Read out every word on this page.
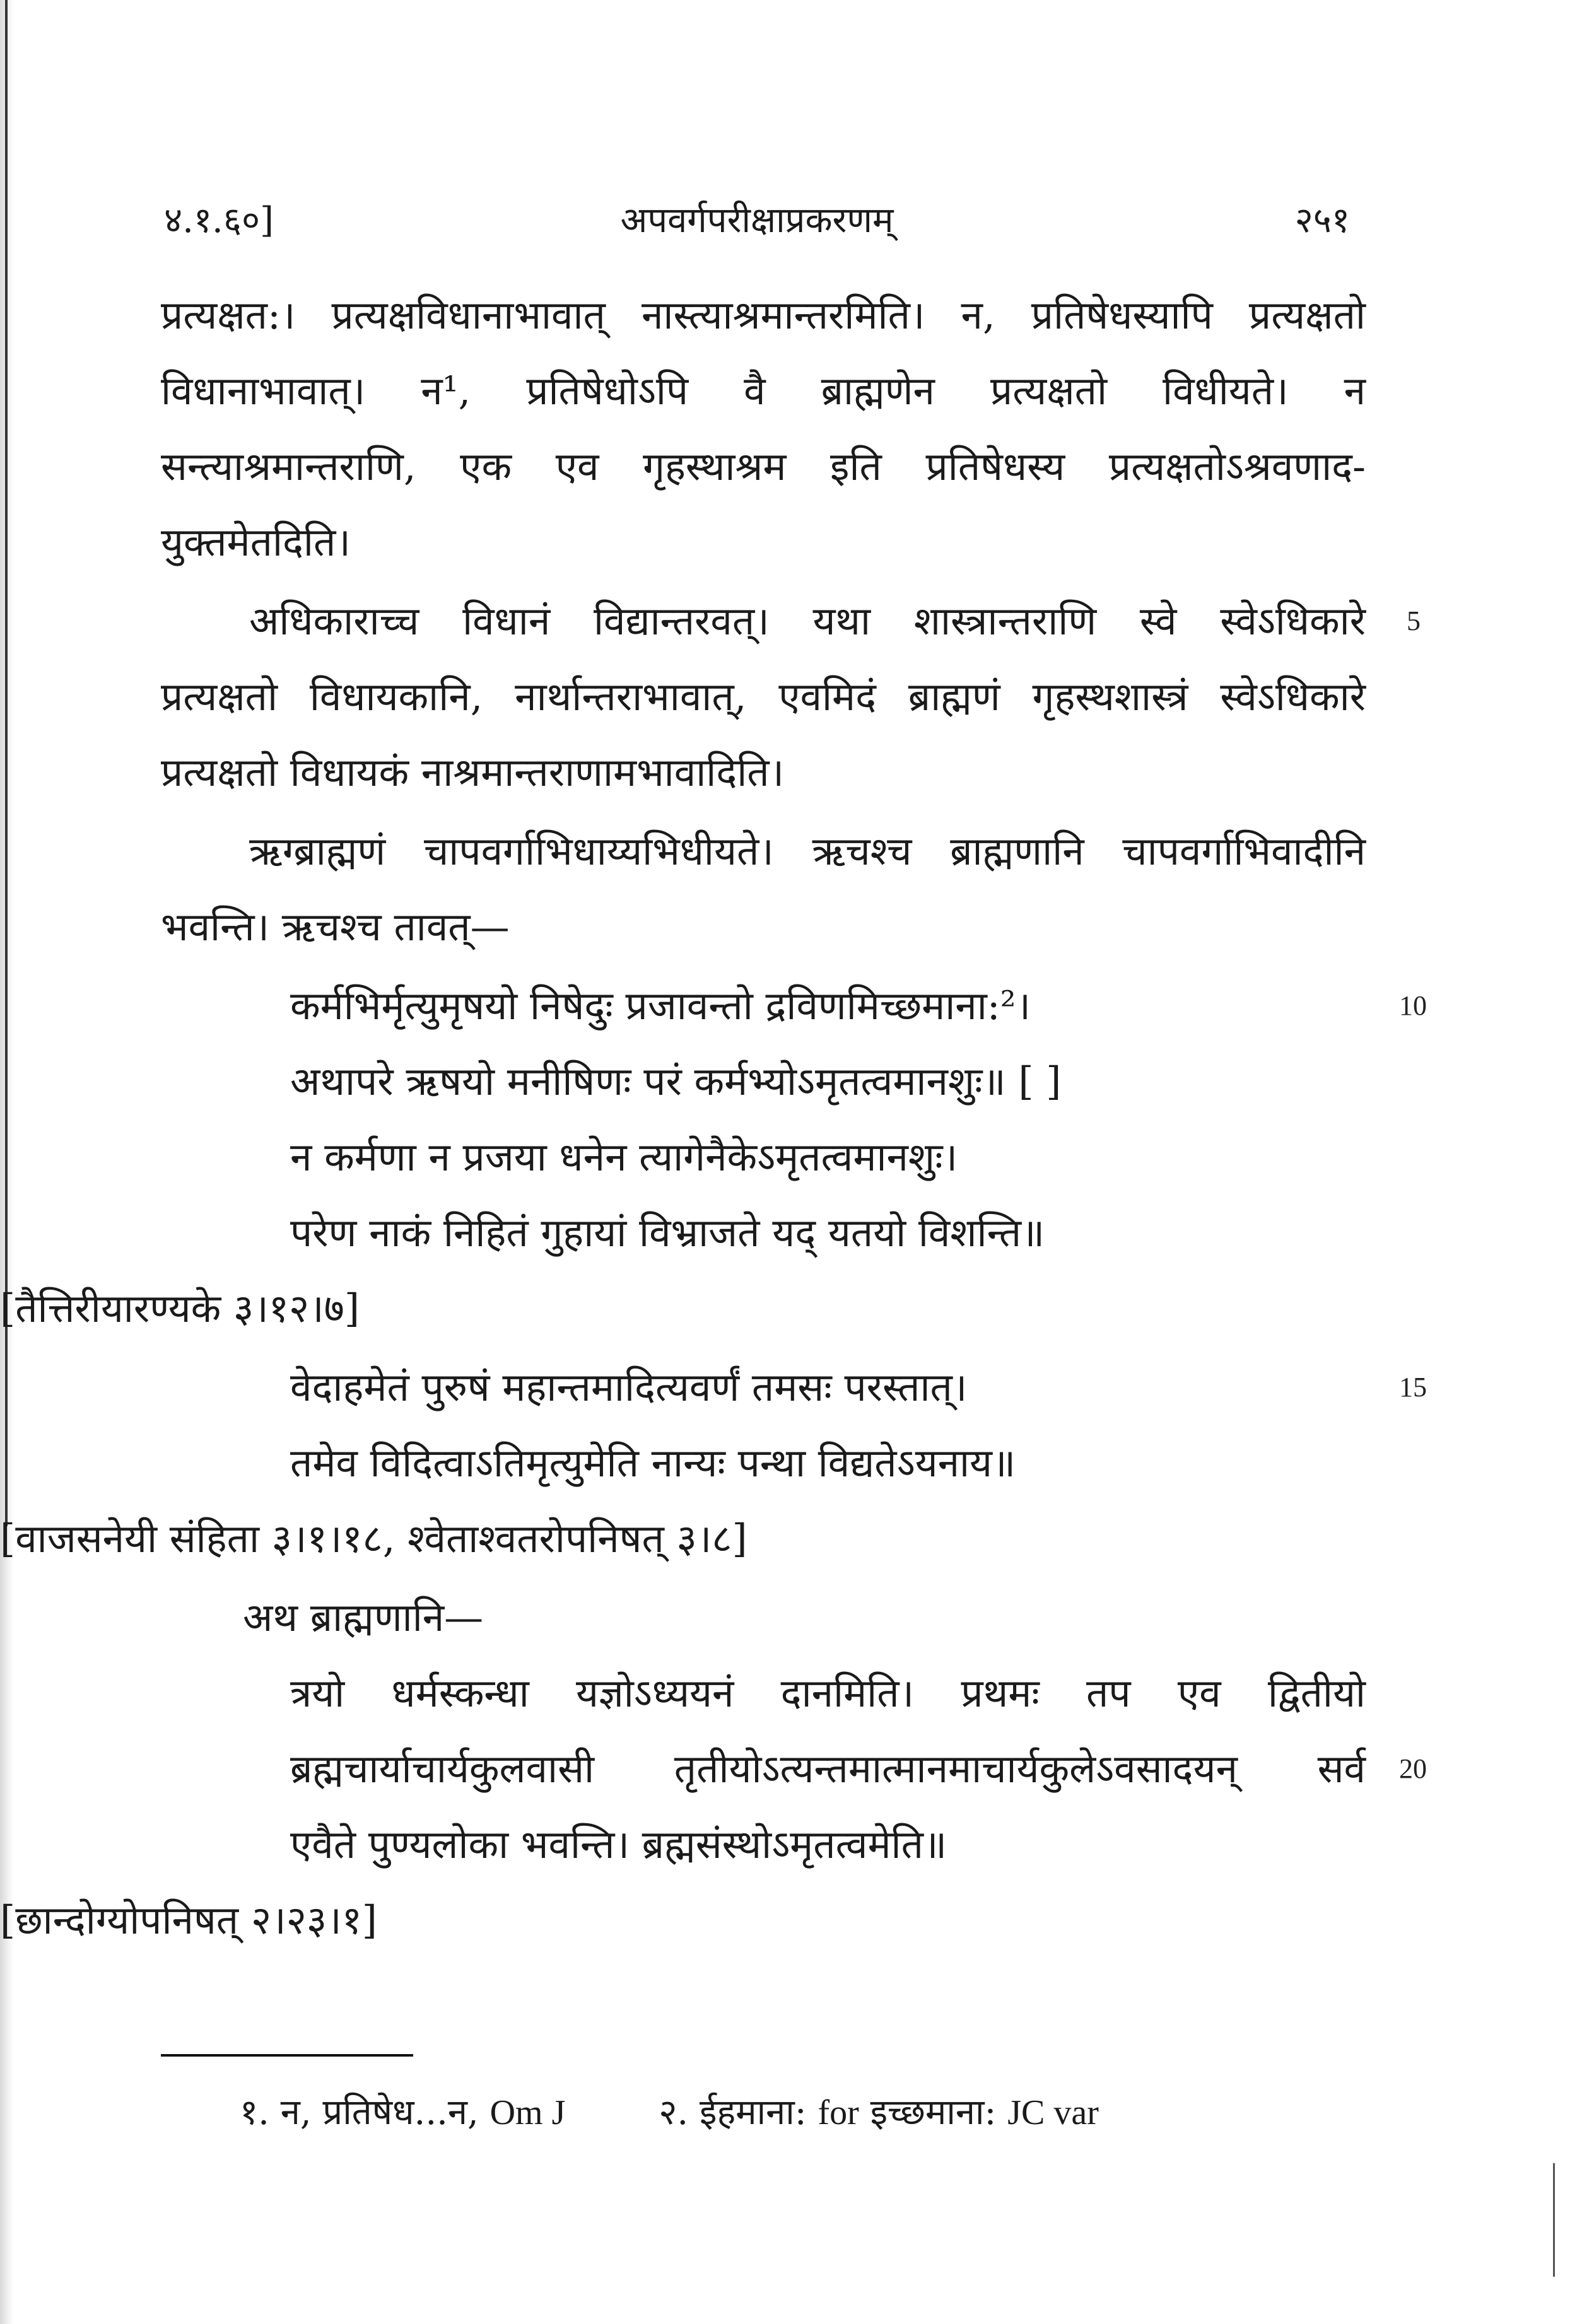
४.१.६०]	अपवर्गपरीक्षाप्रकरणम्	२५१
प्रत्यक्षत:। प्रत्यक्षविधानाभावात् नास्त्याश्रमान्तरमिति। न, प्रतिषेधस्यापि प्रत्यक्षतो
विधानाभावात्। न¹, प्रतिषेधोऽपि वै ब्राह्मणेन प्रत्यक्षतो विधीयते। न
सन्त्याश्रमान्तराणि, एक एव गृहस्थाश्रम इति प्रतिषेधस्य प्रत्यक्षतोऽश्रवणाद-
युक्तमेतदिति।
अधिकाराच्च विधानं विद्यान्तरवत्। यथा शास्त्रान्तराणि स्वे स्वेऽधिकारे
प्रत्यक्षतो विधायकानि, नार्थान्तराभावात्, एवमिदं ब्राह्मणं गृहस्थशास्त्रं स्वेऽधिकारे
प्रत्यक्षतो विधायकं नाश्रमान्तराणामभावादिति।
ऋग्ब्राह्मणं चापवर्गाभिधाय्यभिधीयते। ऋचश्च ब्राह्मणानि चापवर्गाभिवादीनि
भवन्ति। ऋचश्च तावत्—
कर्मभिर्मृत्युमृषयो निषेदुः प्रजावन्तो द्रविणमिच्छमाना:²।
अथापरे ऋषयो मनीषिणः परं कर्मभ्योऽमृतत्वमानशुः॥ [ ]
न कर्मणा न प्रजया धनेन त्यागेनैकेऽमृतत्वमानशुः।
परेण नाकं निहितं गुहायां विभ्राजते यद् यतयो विशन्ति॥
[तैत्तिरीयारण्यके ३।१२।७]
वेदाहमेतं पुरुषं महान्तमादित्यवर्णं तमसः परस्तात्।
तमेव विदित्वाऽतिमृत्युमेति नान्यः पन्था विद्यतेऽयनाय॥
[वाजसनेयी संहिता ३।१।१८, श्वेताश्वतरोपनिषत् ३।८]
अथ ब्राह्मणानि—
त्रयो धर्मस्कन्धा यज्ञोऽध्ययनं दानमिति। प्रथमः तप एव द्वितीयो
ब्रह्मचार्याचार्यकुलवासी तृतीयोऽत्यन्तमात्मानमाचार्यकुलेऽवसादयन् सर्व
एवैते पुण्यलोका भवन्ति। ब्रह्मसंस्थोऽमृतत्वमेति॥
[छान्दोग्योपनिषत् २।२३।१]
5
10
15
20
१. न, प्रतिषेध...न, Om J	२. ईहमाना: for इच्छमाना: JC var
